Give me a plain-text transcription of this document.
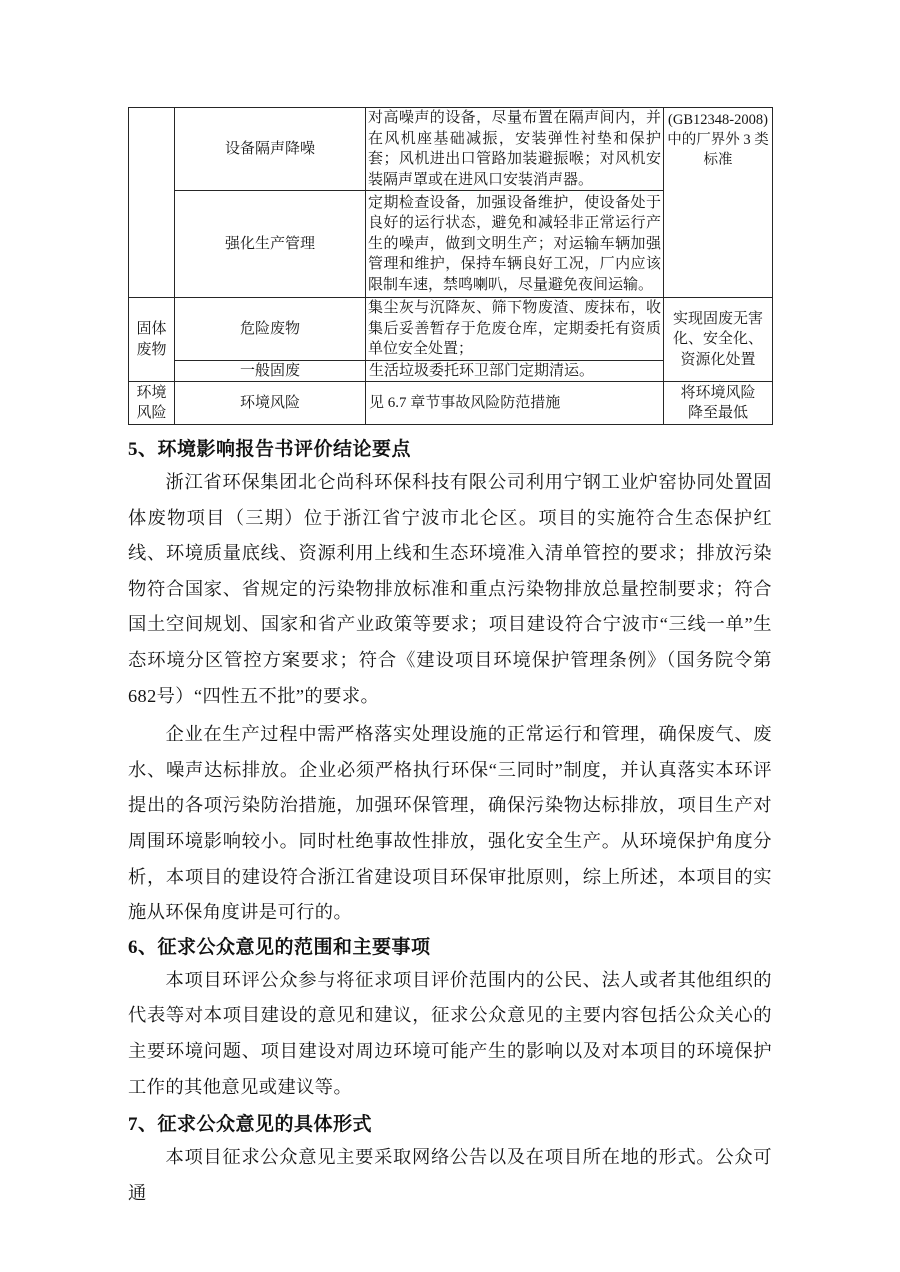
	设备隔声降噪	对高噪声的设备，尽量布置在隔声间内，并在风机座基础减振，安装弹性衬垫和保护套；风机进出口管路加装避振喉；对风机安装隔声罩或在进风口安装消声器。	(GB12348-2008)中的厂界外 3 类标准
	强化生产管理	定期检查设备，加强设备维护，使设备处于良好的运行状态，避免和减轻非正常运行产生的噪声，做到文明生产；对运输车辆加强管理和维护，保持车辆良好工况，厂内应该限制车速，禁鸣喇叭，尽量避免夜间运输。	
固体废物	危险废物	集尘灰与沉降灰、筛下物废渣、废抹布，收集后妥善暂存于危废仓库，定期委托有资质单位安全处置；	实现固废无害化、安全化、资源化处置
	一般固废	生活垃圾委托环卫部门定期清运。	
环境风险	环境风险	见 6.7 章节事故风险防范措施	将环境风险降至最低
5、环境影响报告书评价结论要点

浙江省环保集团北仑尚科环保科技有限公司利用宁钢工业炉窑协同处置固体废物项目（三期）位于浙江省宁波市北仑区。项目的实施符合生态保护红线、环境质量底线、资源利用上线和生态环境准入清单管控的要求；排放污染物符合国家、省规定的污染物排放标准和重点污染物排放总量控制要求；符合国土空间规划、国家和省产业政策等要求；项目建设符合宁波市“三线一单”生态环境分区管控方案要求；符合《建设项目环境保护管理条例》（国务院令第682号）“四性五不批”的要求。

企业在生产过程中需严格落实处理设施的正常运行和管理，确保废气、废水、噪声达标排放。企业必须严格执行环保“三同时”制度，并认真落实本环评提出的各项污染防治措施，加强环保管理，确保污染物达标排放，项目生产对周围环境影响较小。同时杜绝事故性排放，强化安全生产。从环境保护角度分析，本项目的建设符合浙江省建设项目环保审批原则，综上所述，本项目的实施从环保角度讲是可行的。

6、征求公众意见的范围和主要事项

本项目环评公众参与将征求项目评价范围内的公民、法人或者其他组织的代表等对本项目建设的意见和建议，征求公众意见的主要内容包括公众关心的主要环境问题、项目建设对周边环境可能产生的影响以及对本项目的环境保护工作的其他意见或建议等。

7、征求公众意见的具体形式

本项目征求公众意见主要采取网络公告以及在项目所在地的形式。公众可通
